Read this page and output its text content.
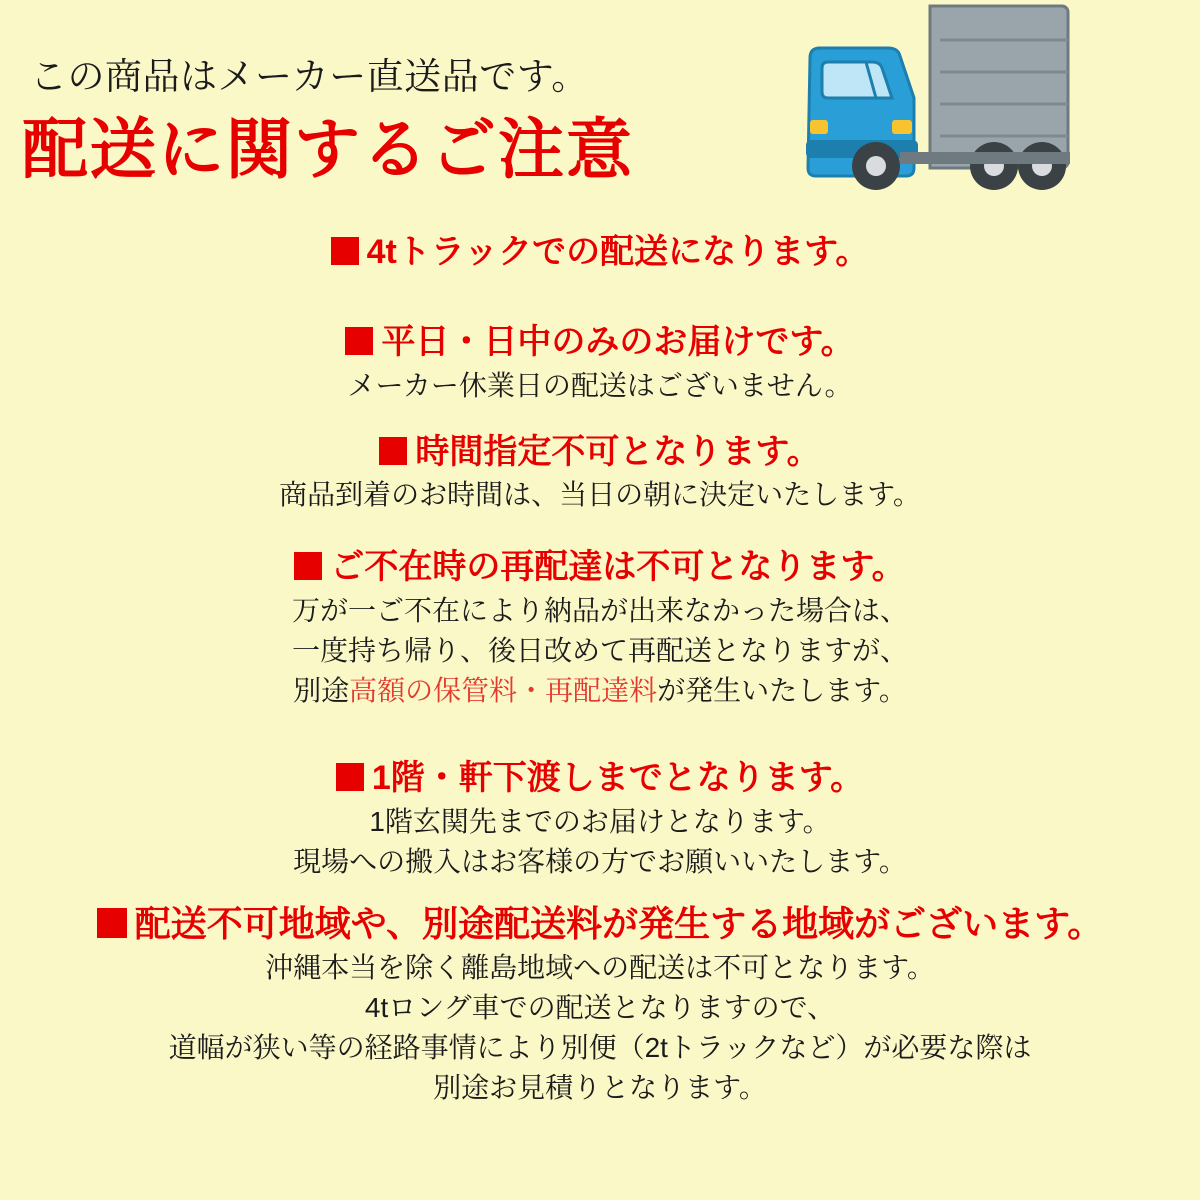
この商品はメーカー直送品です。
配送に関するご注意
4tトラックでの配送になります。
平日・日中のみのお届けです。
メーカー休業日の配送はございません。
時間指定不可となります。
商品到着のお時間は、当日の朝に決定いたします。
ご不在時の再配達は不可となります。
万が一ご不在により納品が出来なかった場合は、
一度持ち帰り、後日改めて再配送となりますが、
別途高額の保管料・再配達料が発生いたします。
1階・軒下渡しまでとなります。
1階玄関先までのお届けとなります。
現場への搬入はお客様の方でお願いいたします。
配送不可地域や、別途配送料が発生する地域がございます。
沖縄本当を除く離島地域への配送は不可となります。
4tロング車での配送となりますので、
道幅が狭い等の経路事情により別便（2tトラックなど）が必要な際は
別途お見積りとなります。
